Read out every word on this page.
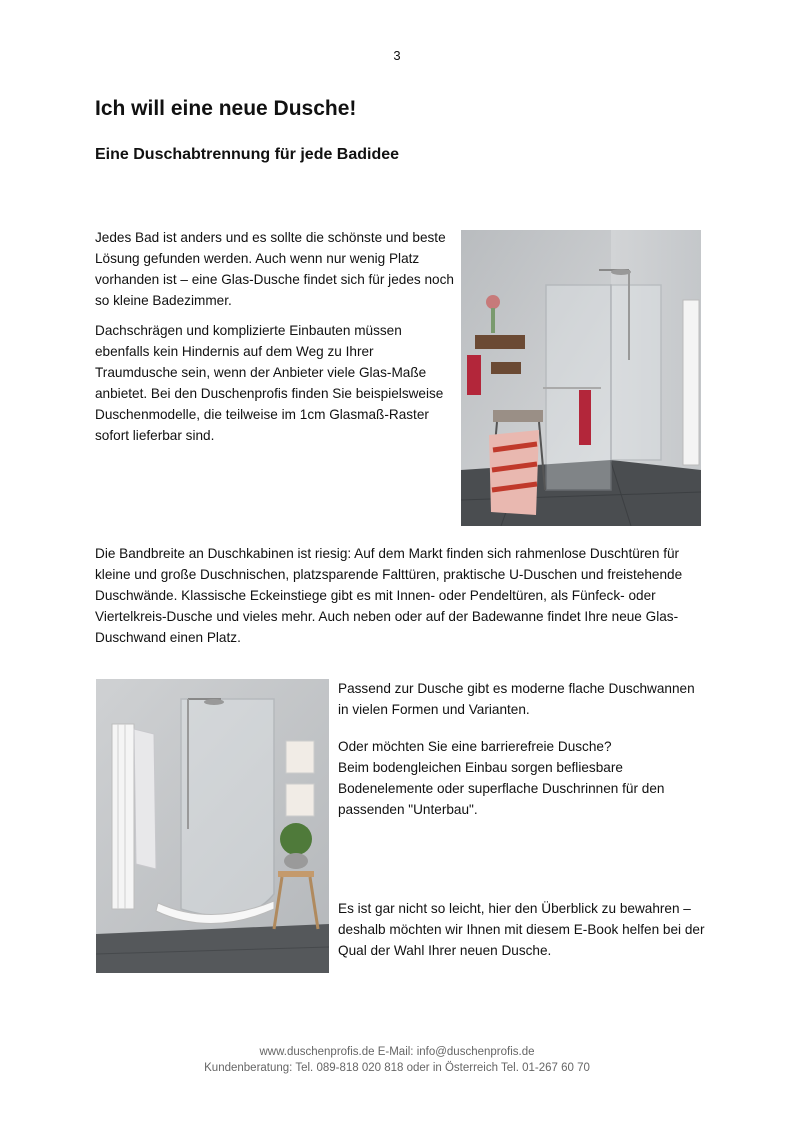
3
Ich will eine neue Dusche!
Eine Duschabtrennung für jede Badidee

Jedes Bad ist anders und es sollte die schönste und beste Lösung gefunden werden. Auch wenn nur wenig Platz vorhanden ist – eine Glas-Dusche findet sich für jedes noch so kleine Badezimmer.

Dachschrägen und komplizierte Einbauten müssen ebenfalls kein Hindernis auf dem Weg zu Ihrer Traumdusche sein, wenn der Anbieter viele Glas-Maße anbietet. Bei den Duschenprofis finden Sie beispielsweise Duschenmodelle, die teilweise im 1cm Glasmaß-Raster sofort lieferbar sind.

Die Bandbreite an Duschkabinen ist riesig: Auf dem Markt finden sich rahmenlose Duschtüren für kleine und große Duschnischen, platzsparende Falttüren, praktische U-Duschen und freistehende Duschwände. Klassische Eckeinstiege gibt es mit Innen- oder Pendeltüren, als Fünfeck- oder Viertelkreis-Dusche und vieles mehr. Auch neben oder auf der Badewanne findet Ihre neue Glas-Duschwand einen Platz.

Passend zur Dusche gibt es moderne flache Duschwannen in vielen Formen und Varianten.

Oder möchten Sie eine barrierefreie Dusche?
Beim bodengleichen Einbau sorgen befliesbare Bodenelemente oder superflache Duschrinnen für den passenden "Unterbau".

Es ist gar nicht so leicht, hier den Überblick zu bewahren – deshalb möchten wir Ihnen mit diesem E-Book helfen bei der Qual der Wahl Ihrer neuen Dusche.

www.duschenprofis.de E-Mail: info@duschenprofis.de
Kundenberatung: Tel. 089-818 020 818 oder in Österreich Tel. 01-267 60 70
